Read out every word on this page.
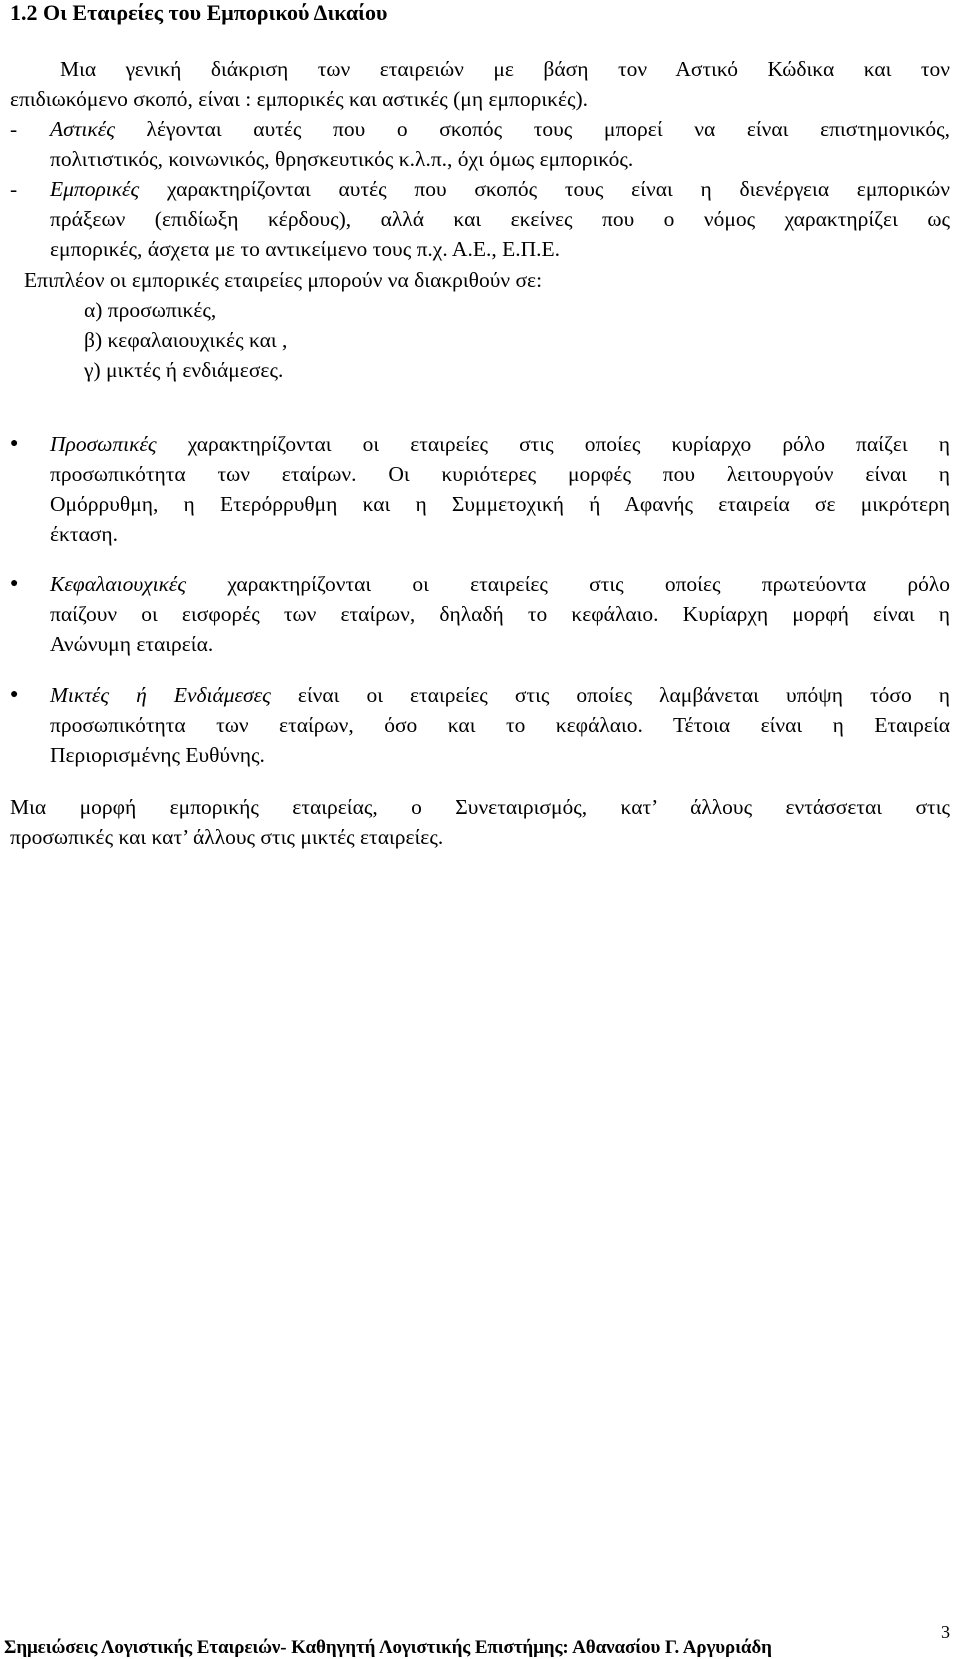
1.2 Οι Εταιρείες του Εμπορικού Δικαίου
Μια γενική διάκριση των εταιρειών με βάση τον Αστικό Κώδικα και τον
επιδιωκόμενο σκοπό, είναι : εμπορικές και αστικές (μη εμπορικές).
- Αστικές λέγονται αυτές που ο σκοπός τους μπορεί να είναι επιστημονικός,
πολιτιστικός, κοινωνικός, θρησκευτικός κ.λ.π., όχι όμως εμπορικός.
- Εμπορικές χαρακτηρίζονται αυτές που σκοπός τους είναι η διενέργεια εμπορικών
πράξεων (επιδίωξη κέρδους), αλλά και εκείνες που ο νόμος χαρακτηρίζει ως
εμπορικές, άσχετα με το αντικείμενο τους π.χ. Α.Ε., Ε.Π.Ε.
Επιπλέον οι εμπορικές εταιρείες μπορούν να διακριθούν σε:
α) προσωπικές,
β) κεφαλαιουχικές και ,
γ) μικτές ή ενδιάμεσες.
● Προσωπικές χαρακτηρίζονται οι εταιρείες στις οποίες κυρίαρχο ρόλο παίζει η
προσωπικότητα των εταίρων. Οι κυριότερες μορφές που λειτουργούν είναι η
Ομόρρυθμη, η Ετερόρρυθμη και η Συμμετοχική ή Αφανής εταιρεία σε μικρότερη
έκταση.
● Κεφαλαιουχικές χαρακτηρίζονται οι εταιρείες στις οποίες πρωτεύοντα ρόλο
παίζουν οι εισφορές των εταίρων, δηλαδή το κεφάλαιο. Κυρίαρχη μορφή είναι η
Ανώνυμη εταιρεία.
● Μικτές ή Ενδιάμεσες είναι οι εταιρείες στις οποίες λαμβάνεται υπόψη τόσο η
προσωπικότητα των εταίρων, όσο και το κεφάλαιο. Τέτοια είναι η Εταιρεία
Περιορισμένης Ευθύνης.
Μια μορφή εμπορικής εταιρείας, ο Συνεταιρισμός, κατ’ άλλους εντάσσεται στις
προσωπικές και κατ’ άλλους στις μικτές εταιρείες.
3
Σημειώσεις Λογιστικής Εταιρειών- Καθηγητή Λογιστικής Επιστήμης: Αθανασίου Γ. Αργυριάδη
